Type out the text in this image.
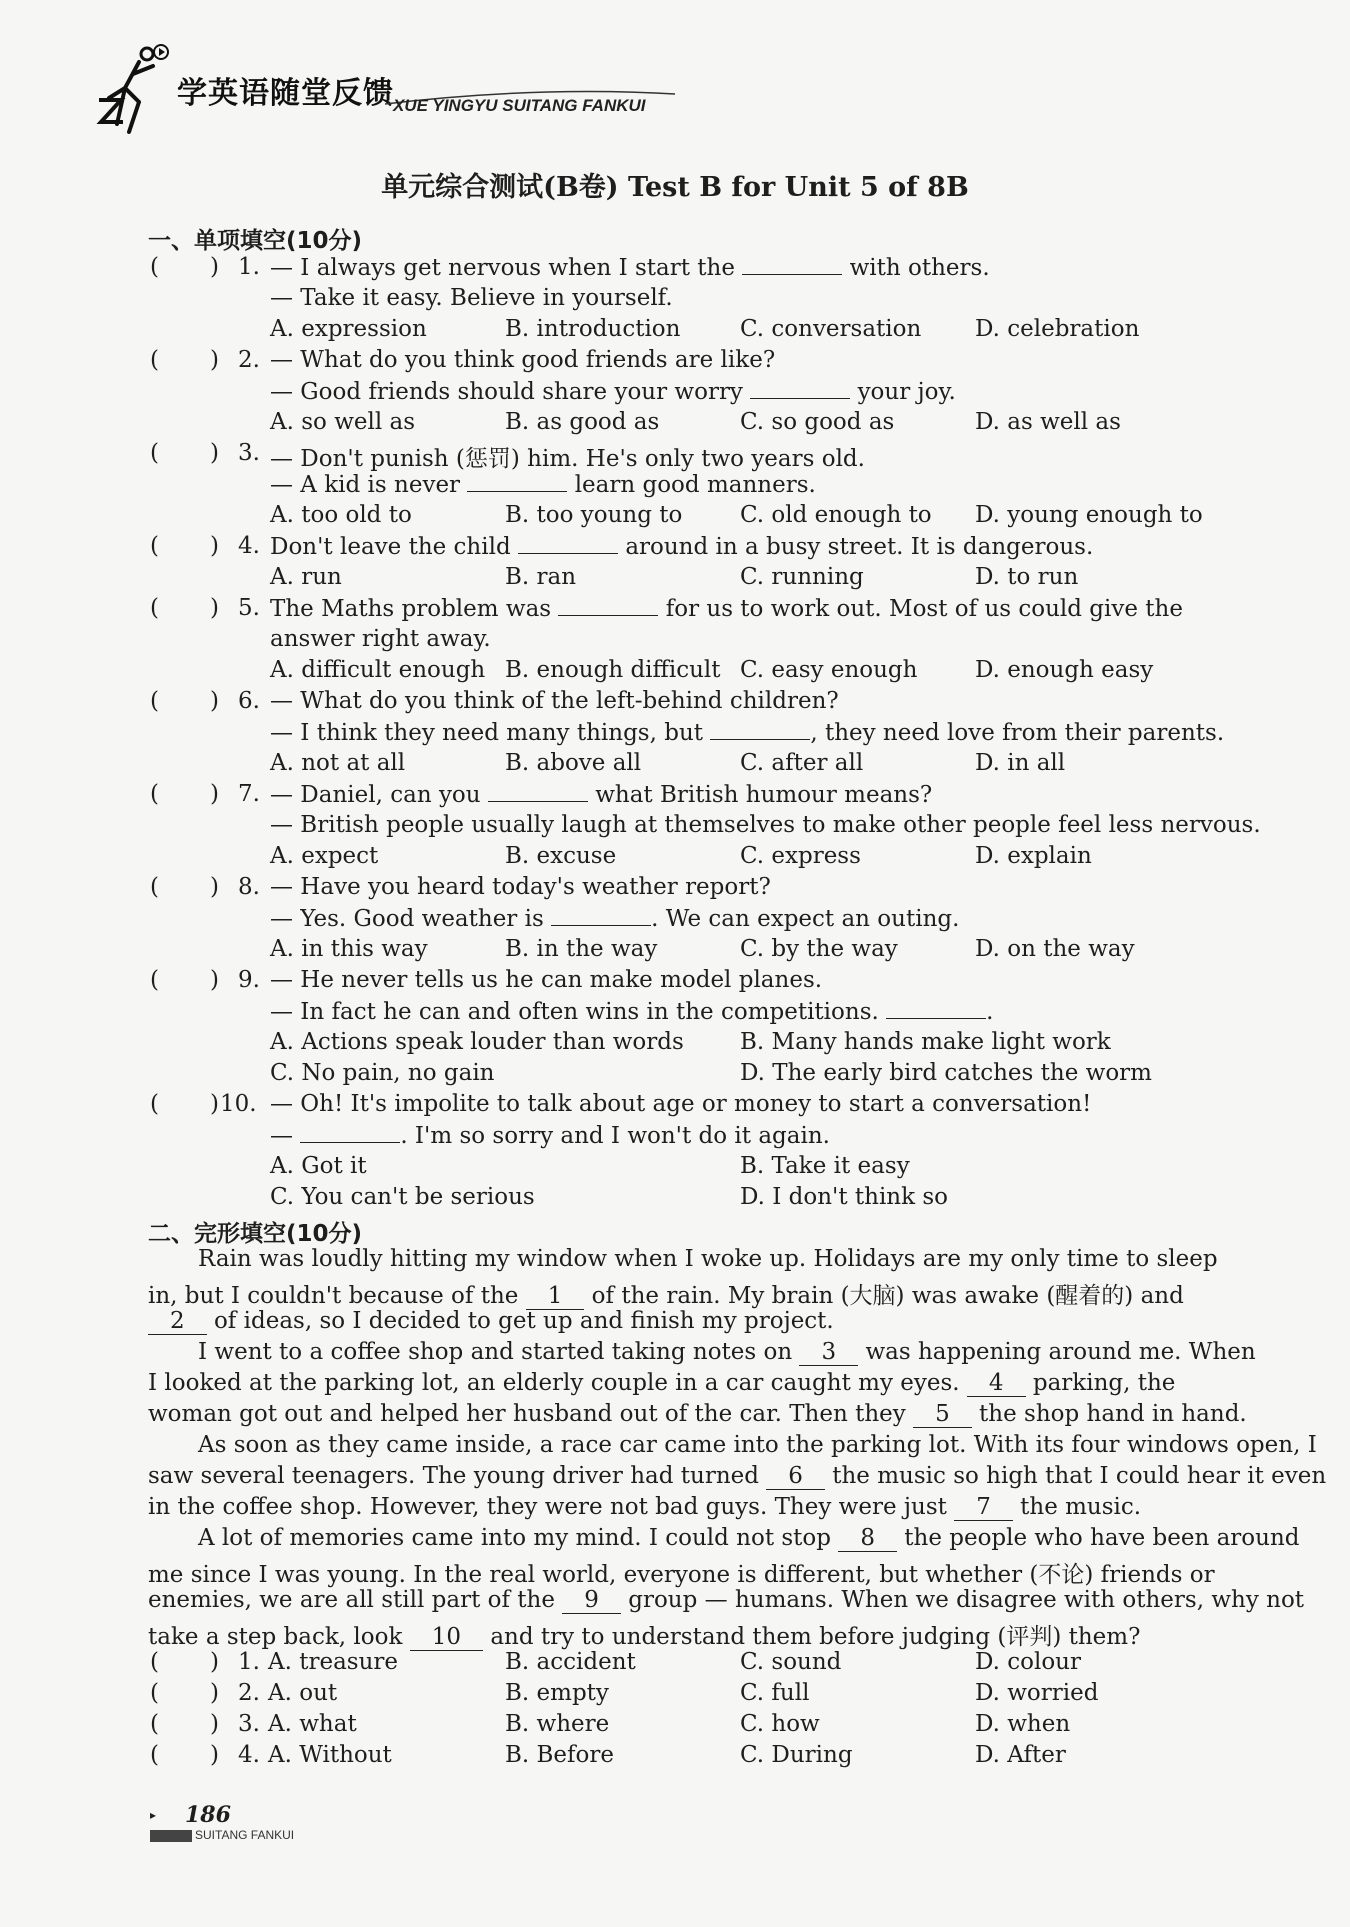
学英语随堂反馈 XUE YINGYU SUITANG FANKUI
单元综合测试(B卷) Test B for Unit 5 of 8B
一、单项填空(10分)
( ) 1. — I always get nervous when I start the	with others.
— Take it easy. Believe in yourself.
A. expression	B. introduction	C. conversation D. celebration
( ) 2. — What do you think good friends are like?
— Good friends should share your worry	your joy.
A. so well as	B. as good as	C. so good as	D. as well as
( ) 3. — Don't punish (惩罚) him. He's only two years old.
— A kid is never	learn good manners.
A. too old to	B. too young to	C. old enough to D. young enough to
( ) 4. Don't leave the child	around in a busy street. It is dangerous.
A. run	B. ran	C. running	D. to run
( ) 5. The Maths problem was	for us to work out. Most of us could give the
answer right away.
A. difficult enough B. enough difficult C. easy enough	D. enough easy
( ) 6. — What do you think of the left-behind children?
— I think they need many things, but	, they need love from their parents.
A. not at all	B. above all	C. after all	D. in all
( ) 7. — Daniel, can you	what British humour means?
— British people usually laugh at themselves to make other people feel less nervous.
A. expect	B. excuse	C. express	D. explain
( ) 8. — Have you heard today's weather report?
— Yes. Good weather is	. We can expect an outing.
A. in this way	B. in the way	C. by the way	D. on the way
( ) 9. — He never tells us he can make model planes.
— In fact he can and often wins in the competitions.	.
A. Actions speak louder than words B. Many hands make light work
C. No pain, no gain	D. The early bird catches the worm
( ) 10. — Oh! It's impolite to talk about age or money to start a conversation!
—	. I'm so sorry and I won't do it again.
A. Got it	B. Take it easy
C. You can't be serious	D. I don't think so
二、完形填空(10分)
Rain was loudly hitting my window when I woke up. Holidays are my only time to sleep
in, but I couldn't because of the 1 of the rain. My brain (大脑) was awake (醒着的) and
2 of ideas, so I decided to get up and finish my project.
I went to a coffee shop and started taking notes on 3 was happening around me. When
I looked at the parking lot, an elderly couple in a car caught my eyes. 4 parking, the
woman got out and helped her husband out of the car. Then they 5 the shop hand in hand.
As soon as they came inside, a race car came into the parking lot. With its four windows open, I
saw several teenagers. The young driver had turned 6 the music so high that I could hear it even
in the coffee shop. However, they were not bad guys. They were just 7 the music.
A lot of memories came into my mind. I could not stop 8 the people who have been around
me since I was young. In the real world, everyone is different, but whether (不论) friends or
enemies, we are all still part of the 9 group — humans. When we disagree with others, why not
take a step back, look 10 and try to understand them before judging (评判) them?
( ) 1. A. treasure	B. accident	C. sound	D. colour
( ) 2. A. out	B. empty	C. full	D. worried
( ) 3. A. what	B. where	C. how	D. when
( ) 4. A. Without	B. Before	C. During	D. After
▸ 186
SUITANG FANKUI
